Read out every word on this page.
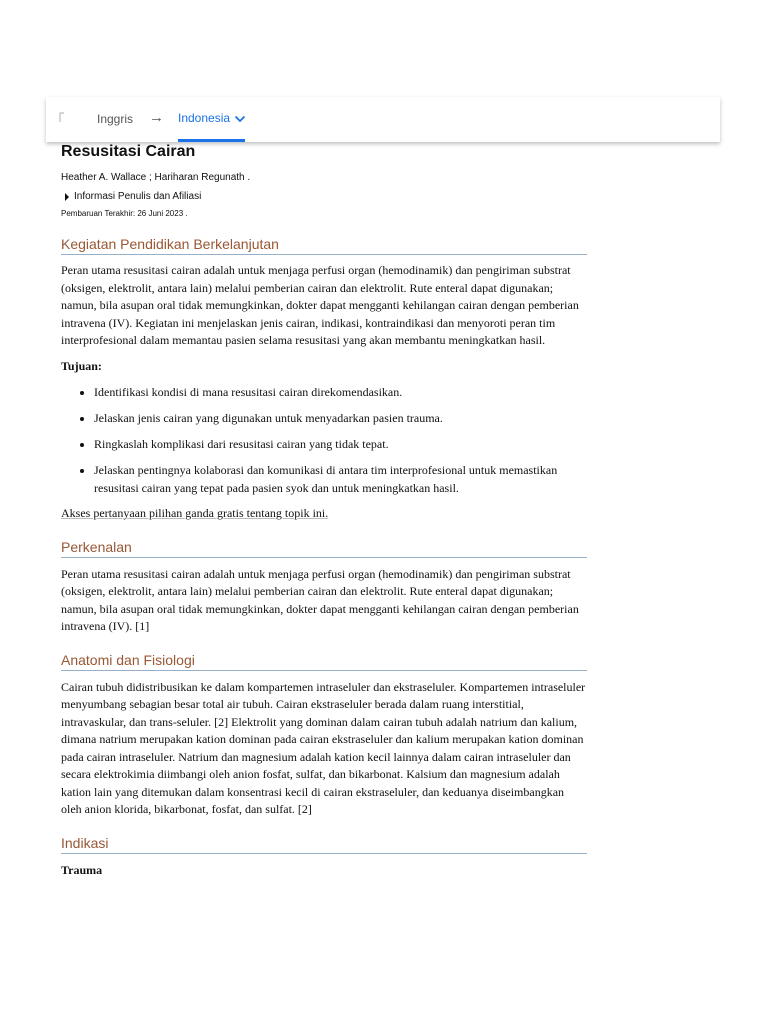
Inggris → Indonesia
Resusitasi Cairan
Heather A. Wallace ; Hariharan Regunath .
Informasi Penulis dan Afiliasi
Pembaruan Terakhir: 26 Juni 2023 .
Kegiatan Pendidikan Berkelanjutan

Peran utama resusitasi cairan adalah untuk menjaga perfusi organ (hemodinamik) dan pengiriman substrat (oksigen, elektrolit, antara lain) melalui pemberian cairan dan elektrolit. Rute enteral dapat digunakan; namun, bila asupan oral tidak memungkinkan, dokter dapat mengganti kehilangan cairan dengan pemberian intravena (IV). Kegiatan ini menjelaskan jenis cairan, indikasi, kontraindikasi dan menyoroti peran tim interprofesional dalam memantau pasien selama resusitasi yang akan membantu meningkatkan hasil.

Tujuan:
• Identifikasi kondisi di mana resusitasi cairan direkomendasikan.
• Jelaskan jenis cairan yang digunakan untuk menyadarkan pasien trauma.
• Ringkaslah komplikasi dari resusitasi cairan yang tidak tepat.
• Jelaskan pentingnya kolaborasi dan komunikasi di antara tim interprofesional untuk memastikan resusitasi cairan yang tepat pada pasien syok dan untuk meningkatkan hasil.

Akses pertanyaan pilihan ganda gratis tentang topik ini.

Perkenalan

Peran utama resusitasi cairan adalah untuk menjaga perfusi organ (hemodinamik) dan pengiriman substrat (oksigen, elektrolit, antara lain) melalui pemberian cairan dan elektrolit. Rute enteral dapat digunakan; namun, bila asupan oral tidak memungkinkan, dokter dapat mengganti kehilangan cairan dengan pemberian intravena (IV). [1]

Anatomi dan Fisiologi

Cairan tubuh didistribusikan ke dalam kompartemen intraseluler dan ekstraseluler. Kompartemen intraseluler menyumbang sebagian besar total air tubuh. Cairan ekstraseluler berada dalam ruang interstitial, intravaskular, dan trans-seluler. [2] Elektrolit yang dominan dalam cairan tubuh adalah natrium dan kalium, dimana natrium merupakan kation dominan pada cairan ekstraseluler dan kalium merupakan kation dominan pada cairan intraseluler. Natrium dan magnesium adalah kation kecil lainnya dalam cairan intraseluler dan secara elektrokimia diimbangi oleh anion fosfat, sulfat, dan bikarbonat. Kalsium dan magnesium adalah kation lain yang ditemukan dalam konsentrasi kecil di cairan ekstraseluler, dan keduanya diseimbangkan oleh anion klorida, bikarbonat, fosfat, dan sulfat. [2]

Indikasi
Trauma
